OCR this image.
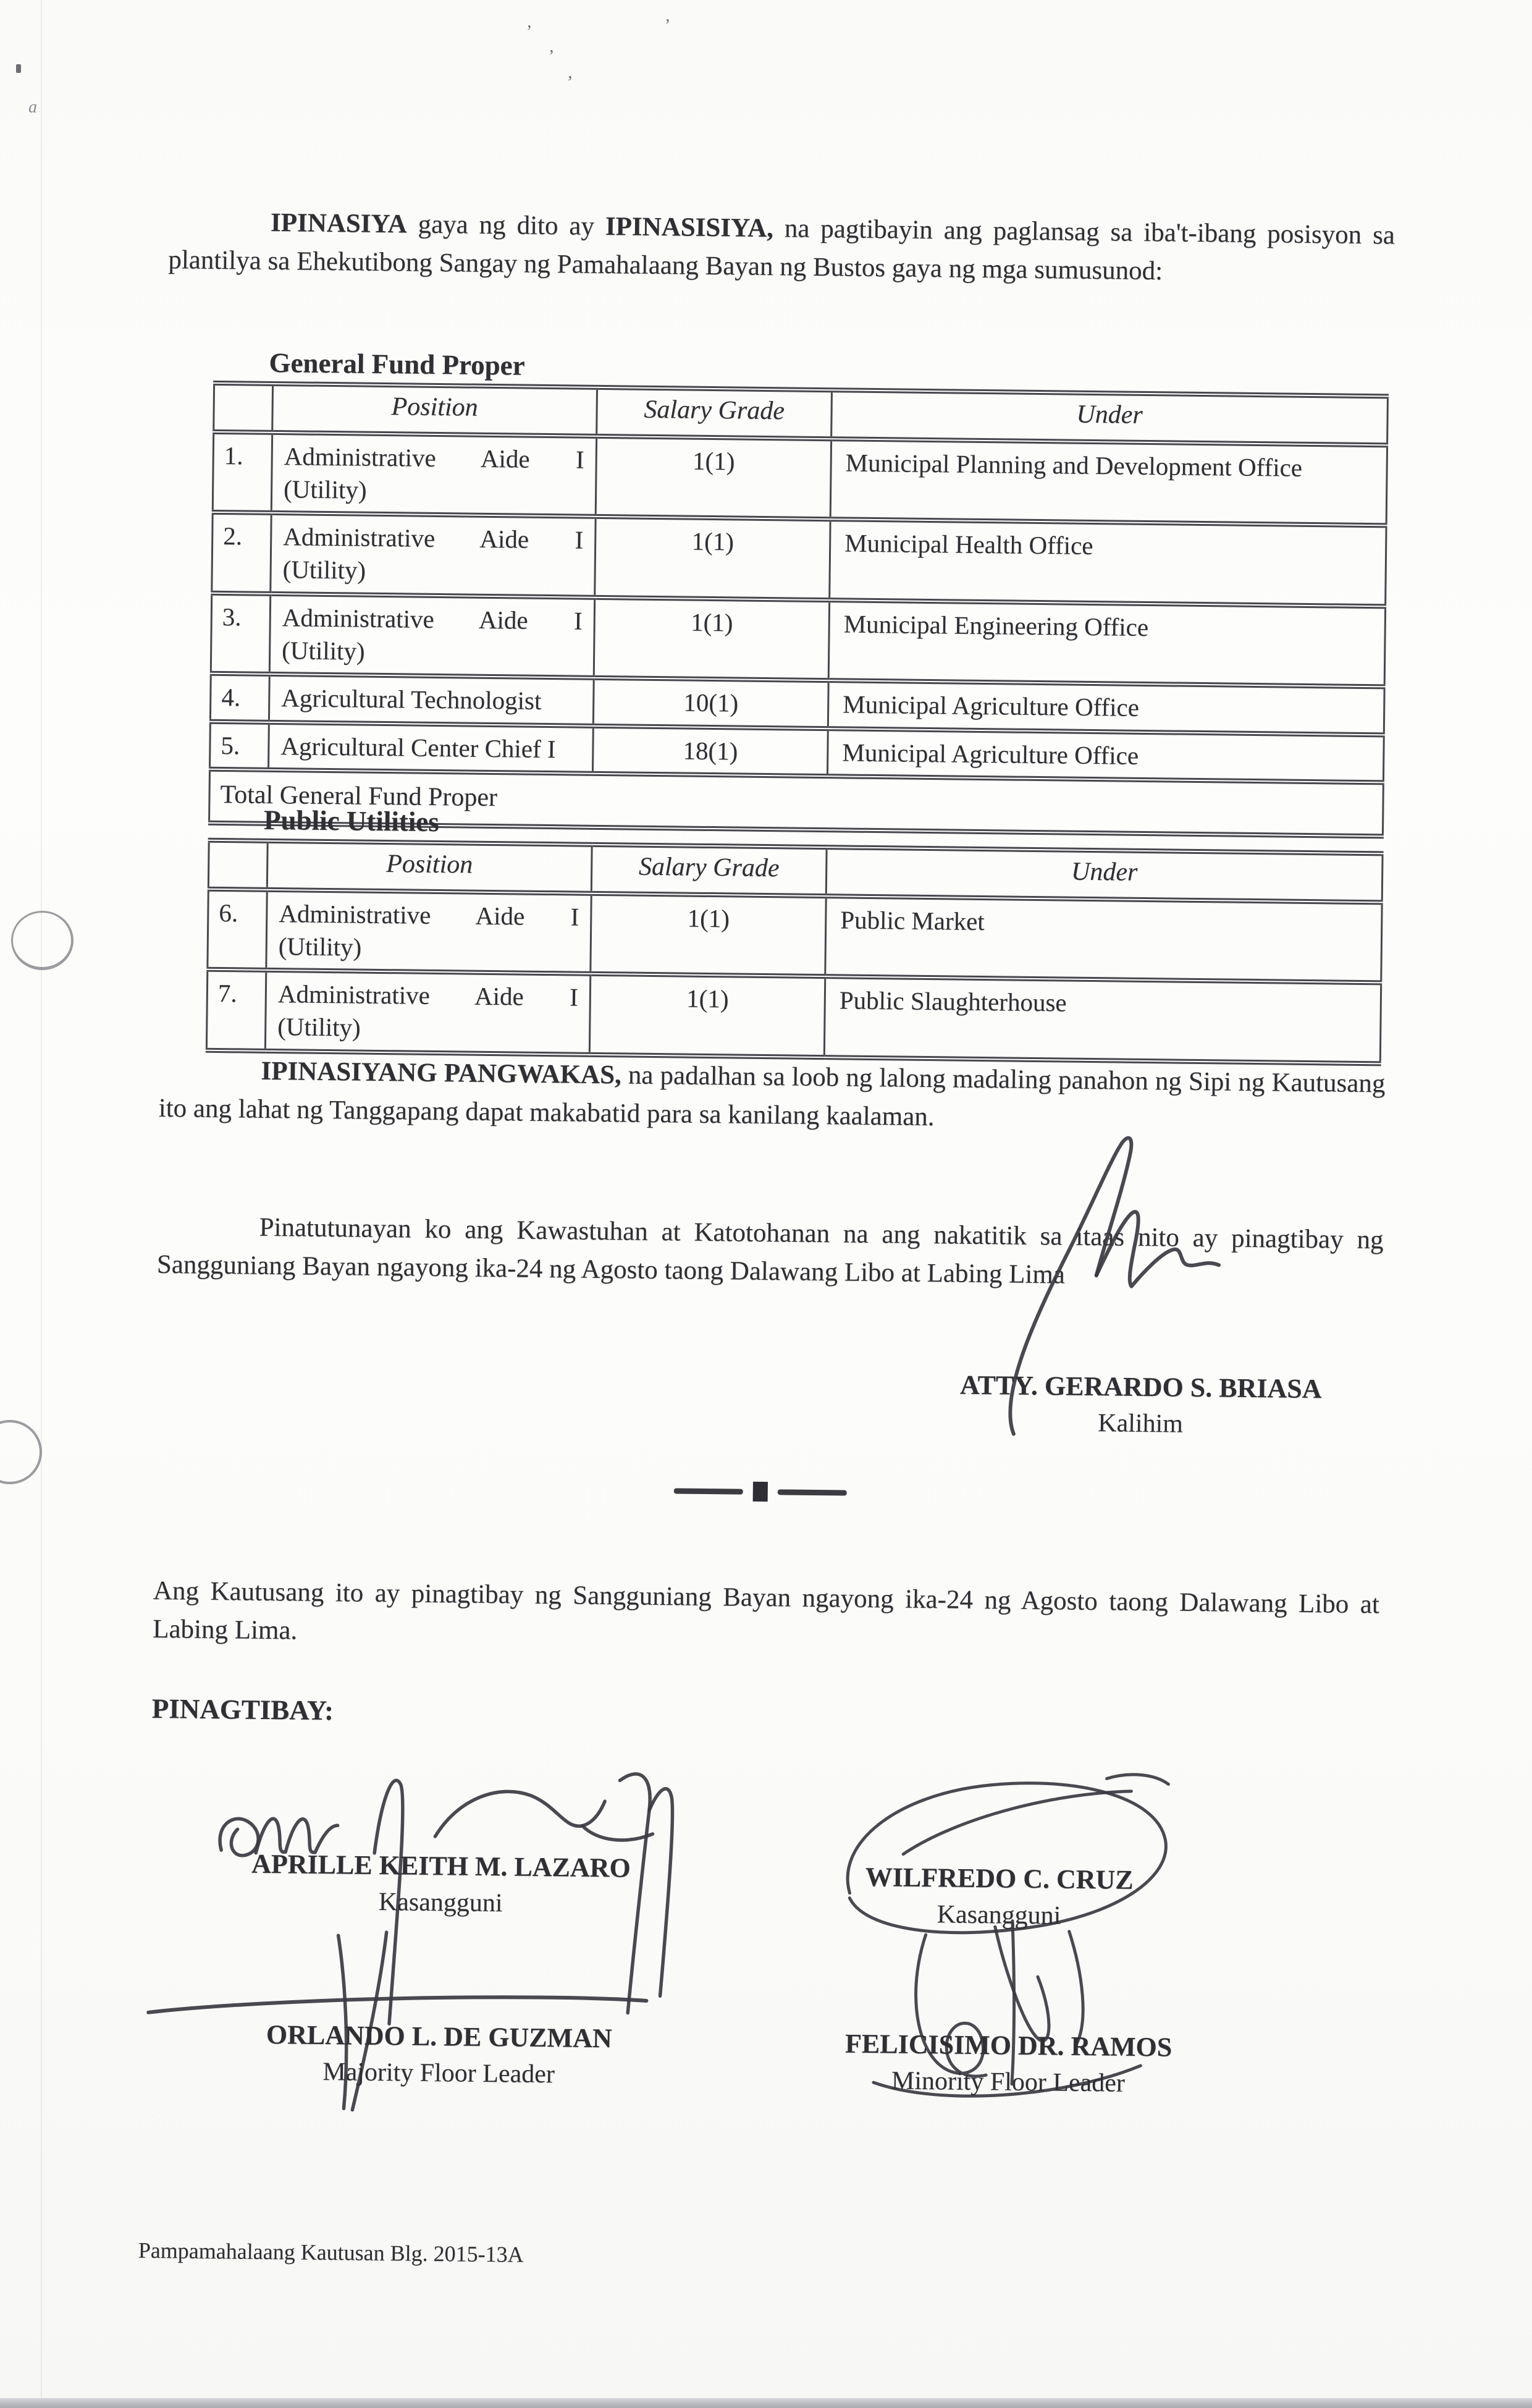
’
’
’
’
a

IPINASIYA gaya ng dito ay IPINASISIYA, na pagtibayin ang paglansag sa iba't-ibang posisyon sa plantilya sa Ehekutibong Sangay ng Pamahalaang Bayan ng Bustos gaya ng mga sumusunod:

General Fund Proper
	Position	Salary Grade	Under
1.	Administrative Aide I (Utility)	1(1)	Municipal Planning and Development Office
2.	Administrative Aide I (Utility)	1(1)	Municipal Health Office
3.	Administrative Aide I (Utility)	1(1)	Municipal Engineering Office
4.	Agricultural Technologist	10(1)	Municipal Agriculture Office
5.	Agricultural Center Chief I	18(1)	Municipal Agriculture Office
Total General Fund Proper			
Public Utilities
	Position	Salary Grade	Under
6.	Administrative Aide I (Utility)	1(1)	Public Market
7.	Administrative Aide I (Utility)	1(1)	Public Slaughterhouse

IPINASIYANG PANGWAKAS, na padalhan sa loob ng lalong madaling panahon ng Sipi ng Kautusang ito ang lahat ng Tanggapang dapat makabatid para sa kanilang kaalaman.

Pinatutunayan ko ang Kawastuhan at Katotohanan na ang nakatitik sa itaas nito ay pinagtibay ng Sangguniang Bayan ngayong ika-24 ng Agosto taong Dalawang Libo at Labing Lima

ATTY. GERARDO S. BRIASA
Kalihim

Ang Kautusang ito ay pinagtibay ng Sangguniang Bayan ngayong ika-24 ng Agosto taong Dalawang Libo at Labing Lima.

PINAGTIBAY:
APRILLE KEITH M. LAZARO
Kasangguni
WILFREDO C. CRUZ
Kasangguni
ORLANDO L. DE GUZMAN
Majority Floor Leader
FELICISIMO DR. RAMOS
Minority Floor Leader
Pampamahalaang Kautusan Blg. 2015-13A
